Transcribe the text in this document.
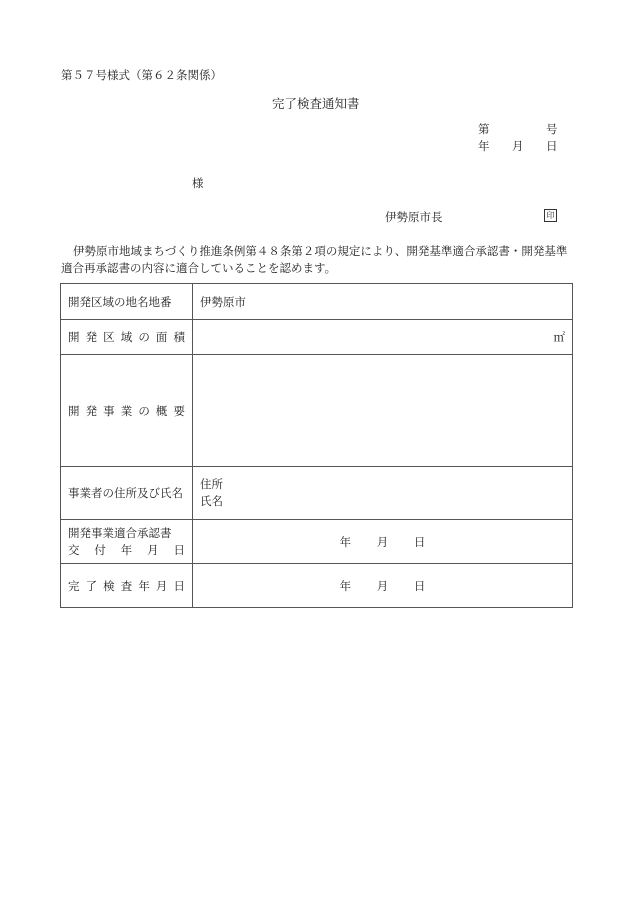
第５７号様式（第６２条関係）
完了検査通知書
第	号
年 月 日
様
伊勢原市長	印
伊勢原市地域まちづくり推進条例第４８条第２項の規定により、開発基準適合承認書・開発基準適合再承認書の内容に適合していることを認めます。
開発区域の地名地番	伊勢原市

開 発 区 域 の 面 積	㎡

開 発 事 業 の 概 要

事業者の住所及び氏名	住所
氏名

開発事業適合承認書
交 付 年 月 日
	年 月 日

完 了 検 査 年 月 日	年 月 日
